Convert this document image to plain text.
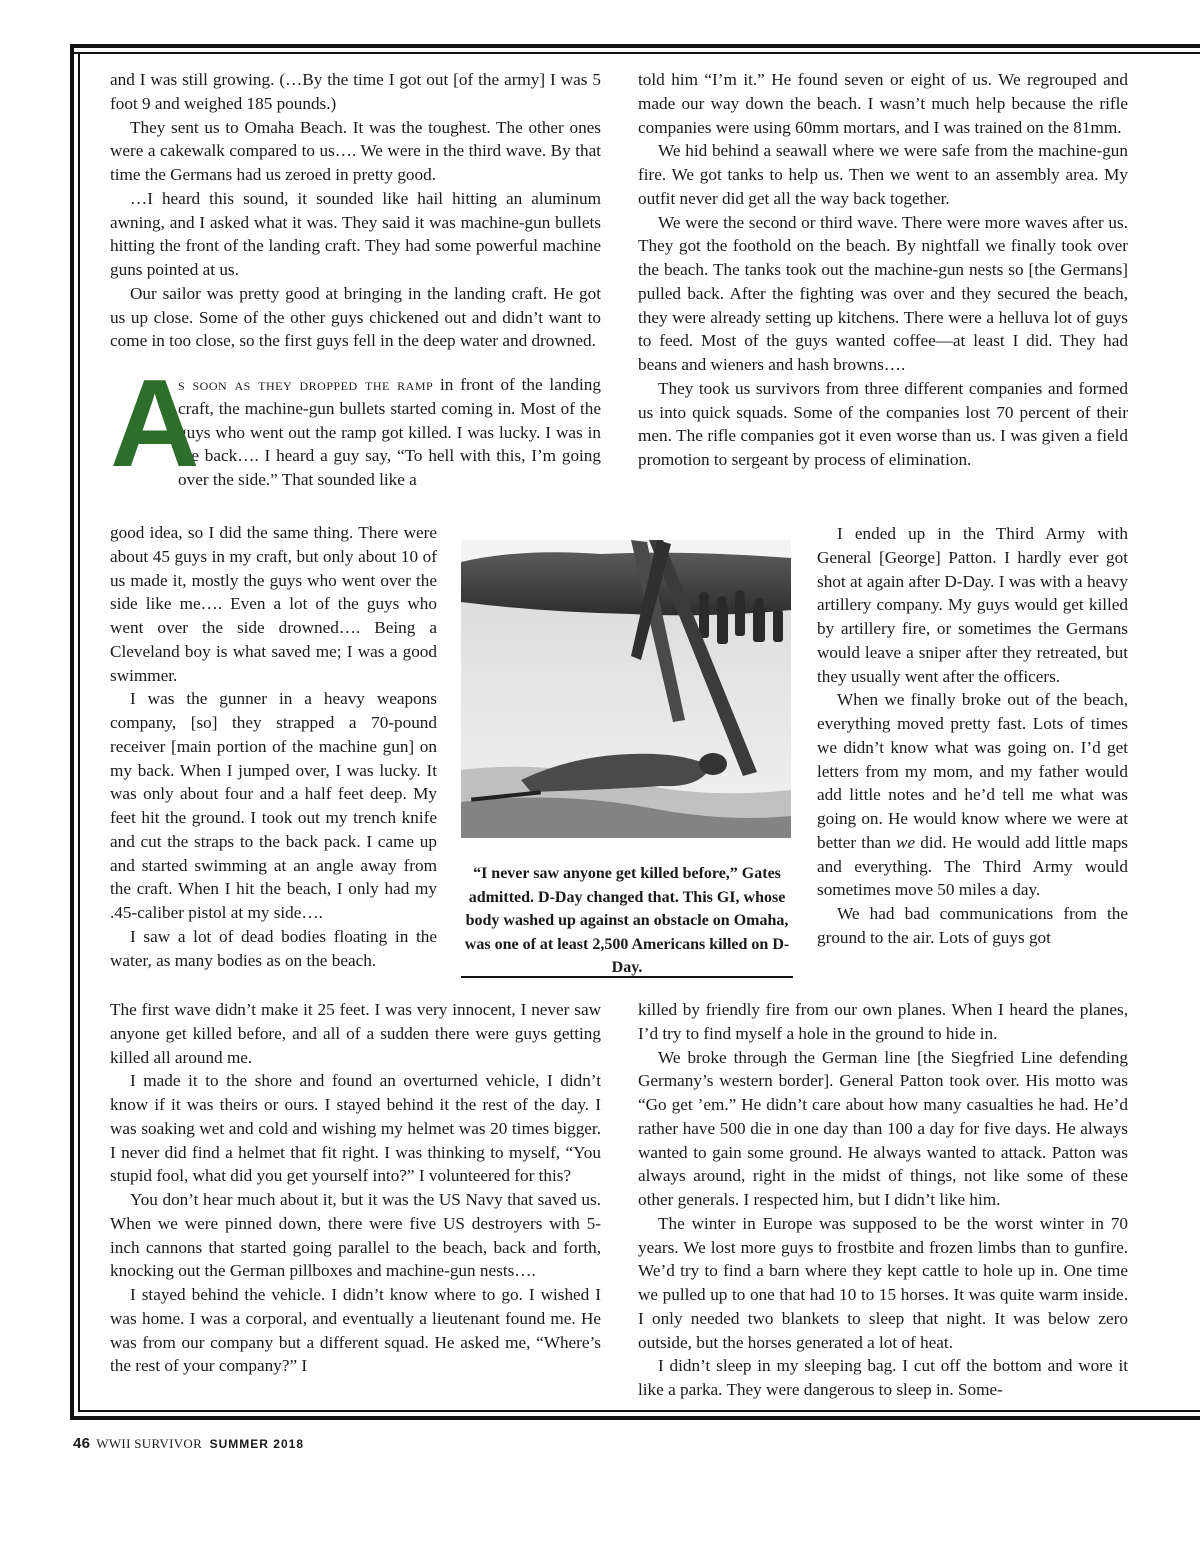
and I was still growing. (…By the time I got out [of the army] I was 5 foot 9 and weighed 185 pounds.)

They sent us to Omaha Beach. It was the toughest. The other ones were a cakewalk compared to us…. We were in the third wave. By that time the Germans had us zeroed in pretty good.

…I heard this sound, it sounded like hail hitting an aluminum awning, and I asked what it was. They said it was machine-gun bullets hitting the front of the landing craft. They had some powerful machine guns pointed at us.

Our sailor was pretty good at bringing in the landing craft. He got us up close. Some of the other guys chickened out and didn’t want to come in too close, so the first guys fell in the deep water and drowned.

A
s soon as they dropped the ramp in front of the landing craft, the machine-gun bullets started coming in. Most of the guys who went out the ramp got killed. I was lucky. I was in the back…. I heard a guy say, “To hell with this, I’m going over the side.” That sounded like a

good idea, so I did the same thing. There were about 45 guys in my craft, but only about 10 of us made it, mostly the guys who went over the side like me…. Even a lot of the guys who went over the side drowned…. Being a Cleveland boy is what saved me; I was a good swimmer.

I was the gunner in a heavy weapons company, [so] they strapped a 70-pound receiver [main portion of the machine gun] on my back. When I jumped over, I was lucky. It was only about four and a half feet deep. My feet hit the ground. I took out my trench knife and cut the straps to the back pack. I came up and started swimming at an angle away from the craft. When I hit the beach, I only had my .45-caliber pistol at my side….

I saw a lot of dead bodies floating in the water, as many bodies as on the beach.

The first wave didn’t make it 25 feet. I was very innocent, I never saw anyone get killed before, and all of a sudden there were guys getting killed all around me.

I made it to the shore and found an overturned vehicle, I didn’t know if it was theirs or ours. I stayed behind it the rest of the day. I was soaking wet and cold and wishing my helmet was 20 times bigger. I never did find a helmet that fit right. I was thinking to myself, “You stupid fool, what did you get yourself into?” I volunteered for this?

You don’t hear much about it, but it was the US Navy that saved us. When we were pinned down, there were five US destroyers with 5-inch cannons that started going parallel to the beach, back and forth, knocking out the German pillboxes and machine-gun nests….

I stayed behind the vehicle. I didn’t know where to go. I wished I was home. I was a corporal, and eventually a lieutenant found me. He was from our company but a different squad. He asked me, “Where’s the rest of your company?” I

told him “I’m it.” He found seven or eight of us. We regrouped and made our way down the beach. I wasn’t much help because the rifle companies were using 60mm mortars, and I was trained on the 81mm.

We hid behind a seawall where we were safe from the machine-gun fire. We got tanks to help us. Then we went to an assembly area. My outfit never did get all the way back together.

We were the second or third wave. There were more waves after us. They got the foothold on the beach. By nightfall we finally took over the beach. The tanks took out the machine-gun nests so [the Germans] pulled back. After the fighting was over and they secured the beach, they were already setting up kitchens. There were a helluva lot of guys to feed. Most of the guys wanted coffee—at least I did. They had beans and wieners and hash browns….

They took us survivors from three different companies and formed us into quick squads. Some of the companies lost 70 percent of their men. The rifle companies got it even worse than us. I was given a field promotion to sergeant by process of elimination.

I ended up in the Third Army with General [George] Patton. I hardly ever got shot at again after D-Day. I was with a heavy artillery company. My guys would get killed by artillery fire, or sometimes the Germans would leave a sniper after they retreated, but they usually went after the officers.

When we finally broke out of the beach, everything moved pretty fast. Lots of times we didn’t know what was going on. I’d get letters from my mom, and my father would add little notes and he’d tell me what was going on. He would know where we were at better than we did. He would add little maps and everything. The Third Army would sometimes move 50 miles a day.

We had bad communications from the ground to the air. Lots of guys got

killed by friendly fire from our own planes. When I heard the planes, I’d try to find myself a hole in the ground to hide in.

We broke through the German line [the Siegfried Line defending Germany’s western border]. General Patton took over. His motto was “Go get ’em.” He didn’t care about how many casualties he had. He’d rather have 500 die in one day than 100 a day for five days. He always wanted to gain some ground. He always wanted to attack. Patton was always around, right in the midst of things, not like some of these other generals. I respected him, but I didn’t like him.

The winter in Europe was supposed to be the worst winter in 70 years. We lost more guys to frostbite and frozen limbs than to gunfire. We’d try to find a barn where they kept cattle to hole up in. One time we pulled up to one that had 10 to 15 horses. It was quite warm inside. I only needed two blankets to sleep that night. It was below zero outside, but the horses generated a lot of heat.

I didn’t sleep in my sleeping bag. I cut off the bottom and wore it like a parka. They were dangerous to sleep in. Some-

“I never saw anyone get killed before,” Gates admitted. D-Day changed that. This GI, whose body washed up against an obstacle on Omaha, was one of at least 2,500 Americans killed on D-Day.
46 WWII SURVIVOR SUMMER 2018
